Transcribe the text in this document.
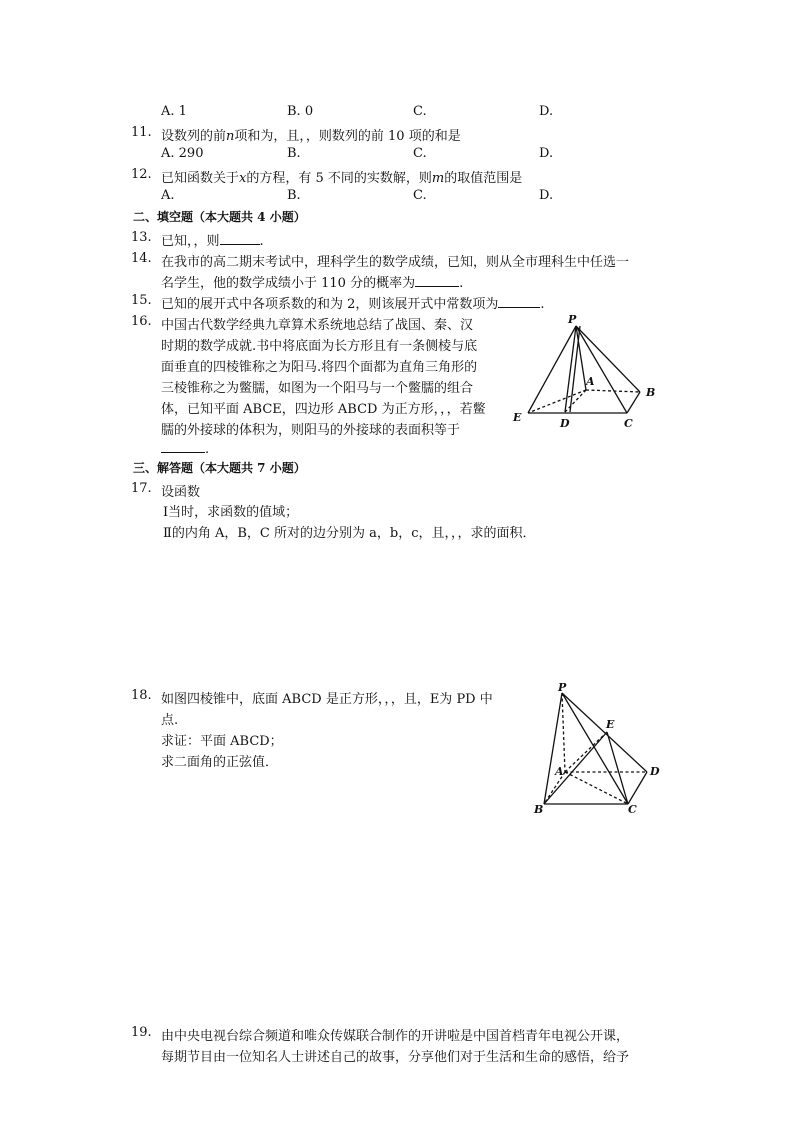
A. 1	B. 0	C.	D.
11. 设数列的前n项和为，且，，则数列的前 10 项的和是
A. 290	B.	C.	D.
12. 已知函数关于x的方程，有 5 不同的实数解，则m的取值范围是
A.	B.	C.	D.
二、填空题（本大题共 4 小题）
13. 已知，，则	.
14. 在我市的高二期末考试中，理科学生的数学成绩，已知，则从全市理科生中任选一
名学生，他的数学成绩小于 110 分的概率为	.
15. 已知的展开式中各项系数的和为 2，则该展开式中常数项为	.
16. 中国古代数学经典九章算术系统地总结了战国、秦、汉
时期的数学成就.书中将底面为长方形且有一条侧棱与底
面垂直的四棱锥称之为阳马.将四个面都为直角三角形的
三棱锥称之为鳖臑，如图为一个阳马与一个鳖臑的组合
体，已知平面 ABCE，四边形 ABCD 为正方形，，，若鳖
臑的外接球的体积为，则阳马的外接球的表面积等于
.
P
A
B
C
D
E
三、解答题（本大题共 7 小题）
17. 设函数
Ⅰ当时，求函数的值域；
Ⅱ的内角 A，B，C 所对的边分别为 a，b，c，且，，，求的面积．
18. 如图四棱锥中，底面 ABCD 是正方形，，，且，E为 PD 中
点.
求证：平面 ABCD；
求二面角的正弦值．
P
E
A	D
B	C
19. 由中央电视台综合频道和唯众传媒联合制作的开讲啦是中国首档青年电视公开课，
每期节目由一位知名人士讲述自己的故事，分享他们对于生活和生命的感悟，给予
